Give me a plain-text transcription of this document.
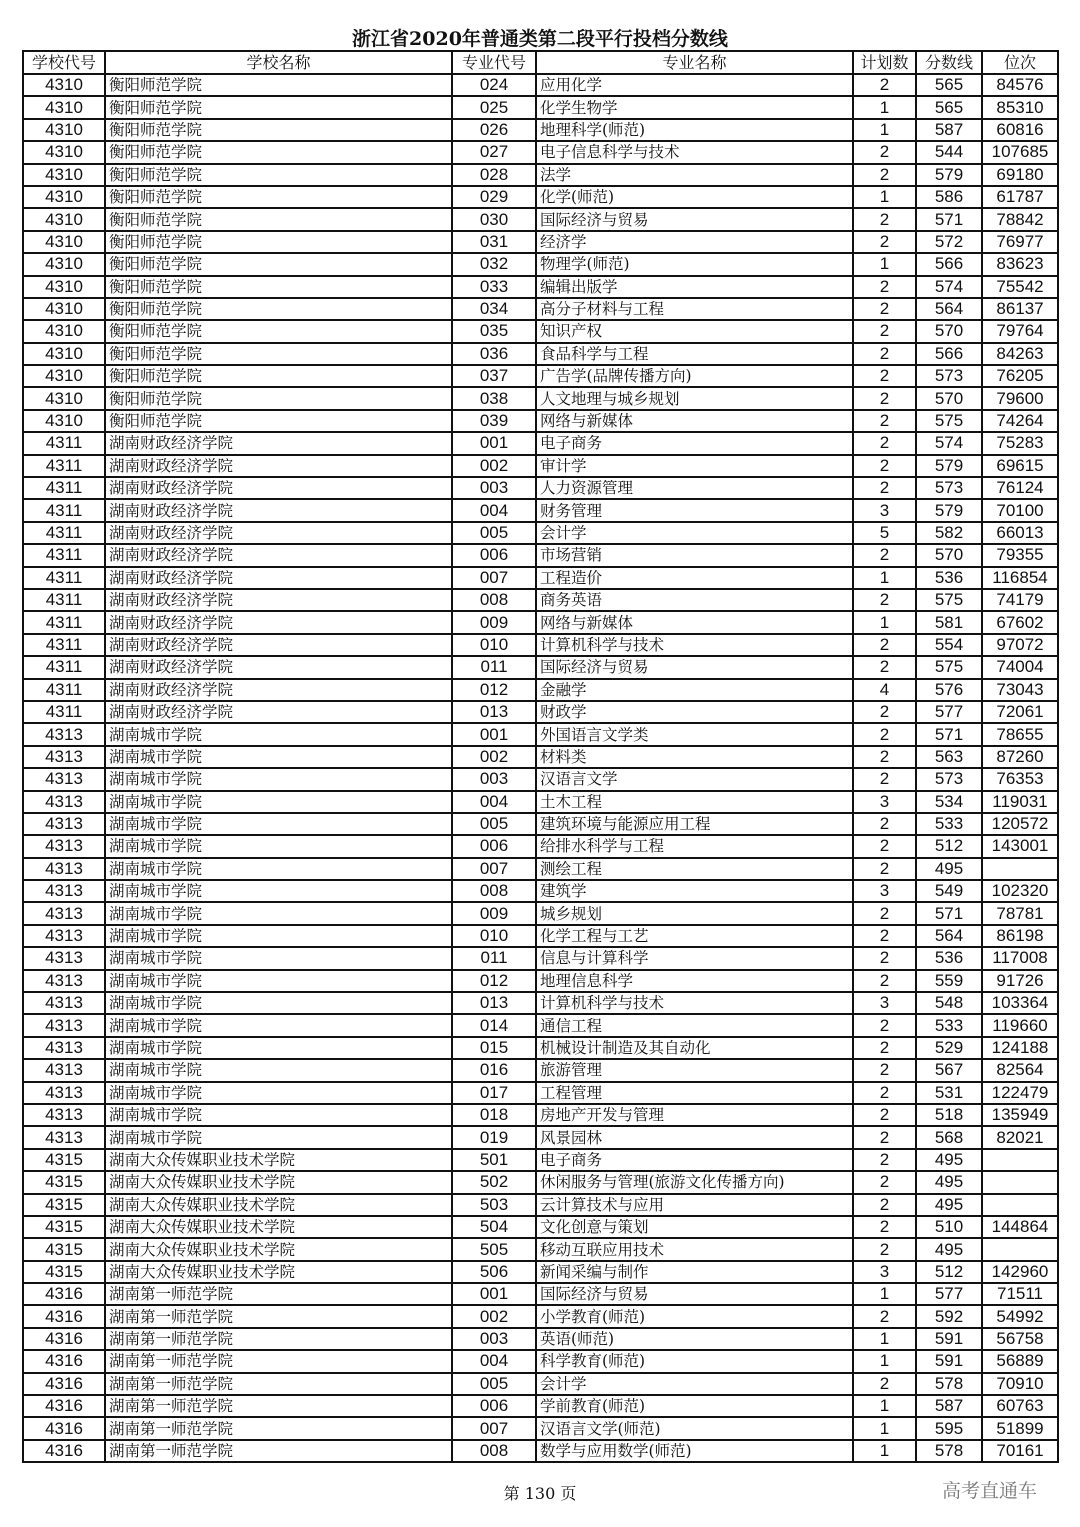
浙江省2020年普通类第二段平行投档分数线
学校代号	学校名称	专业代号	专业名称	计划数	分数线	位次
4310	衡阳师范学院	024	应用化学	2	565	84576
4310	衡阳师范学院	025	化学生物学	1	565	85310
4310	衡阳师范学院	026	地理科学(师范)	1	587	60816
4310	衡阳师范学院	027	电子信息科学与技术	2	544	107685
4310	衡阳师范学院	028	法学	2	579	69180
4310	衡阳师范学院	029	化学(师范)	1	586	61787
4310	衡阳师范学院	030	国际经济与贸易	2	571	78842
4310	衡阳师范学院	031	经济学	2	572	76977
4310	衡阳师范学院	032	物理学(师范)	1	566	83623
4310	衡阳师范学院	033	编辑出版学	2	574	75542
4310	衡阳师范学院	034	高分子材料与工程	2	564	86137
4310	衡阳师范学院	035	知识产权	2	570	79764
4310	衡阳师范学院	036	食品科学与工程	2	566	84263
4310	衡阳师范学院	037	广告学(品牌传播方向)	2	573	76205
4310	衡阳师范学院	038	人文地理与城乡规划	2	570	79600
4310	衡阳师范学院	039	网络与新媒体	2	575	74264
4311	湖南财政经济学院	001	电子商务	2	574	75283
4311	湖南财政经济学院	002	审计学	2	579	69615
4311	湖南财政经济学院	003	人力资源管理	2	573	76124
4311	湖南财政经济学院	004	财务管理	3	579	70100
4311	湖南财政经济学院	005	会计学	5	582	66013
4311	湖南财政经济学院	006	市场营销	2	570	79355
4311	湖南财政经济学院	007	工程造价	1	536	116854
4311	湖南财政经济学院	008	商务英语	2	575	74179
4311	湖南财政经济学院	009	网络与新媒体	1	581	67602
4311	湖南财政经济学院	010	计算机科学与技术	2	554	97072
4311	湖南财政经济学院	011	国际经济与贸易	2	575	74004
4311	湖南财政经济学院	012	金融学	4	576	73043
4311	湖南财政经济学院	013	财政学	2	577	72061
4313	湖南城市学院	001	外国语言文学类	2	571	78655
4313	湖南城市学院	002	材料类	2	563	87260
4313	湖南城市学院	003	汉语言文学	2	573	76353
4313	湖南城市学院	004	土木工程	3	534	119031
4313	湖南城市学院	005	建筑环境与能源应用工程	2	533	120572
4313	湖南城市学院	006	给排水科学与工程	2	512	143001
4313	湖南城市学院	007	测绘工程	2	495	
4313	湖南城市学院	008	建筑学	3	549	102320
4313	湖南城市学院	009	城乡规划	2	571	78781
4313	湖南城市学院	010	化学工程与工艺	2	564	86198
4313	湖南城市学院	011	信息与计算科学	2	536	117008
4313	湖南城市学院	012	地理信息科学	2	559	91726
4313	湖南城市学院	013	计算机科学与技术	3	548	103364
4313	湖南城市学院	014	通信工程	2	533	119660
4313	湖南城市学院	015	机械设计制造及其自动化	2	529	124188
4313	湖南城市学院	016	旅游管理	2	567	82564
4313	湖南城市学院	017	工程管理	2	531	122479
4313	湖南城市学院	018	房地产开发与管理	2	518	135949
4313	湖南城市学院	019	风景园林	2	568	82021
4315	湖南大众传媒职业技术学院	501	电子商务	2	495	
4315	湖南大众传媒职业技术学院	502	休闲服务与管理(旅游文化传播方向)	2	495	
4315	湖南大众传媒职业技术学院	503	云计算技术与应用	2	495	
4315	湖南大众传媒职业技术学院	504	文化创意与策划	2	510	144864
4315	湖南大众传媒职业技术学院	505	移动互联应用技术	2	495	
4315	湖南大众传媒职业技术学院	506	新闻采编与制作	3	512	142960
4316	湖南第一师范学院	001	国际经济与贸易	1	577	71511
4316	湖南第一师范学院	002	小学教育(师范)	2	592	54992
4316	湖南第一师范学院	003	英语(师范)	1	591	56758
4316	湖南第一师范学院	004	科学教育(师范)	1	591	56889
4316	湖南第一师范学院	005	会计学	2	578	70910
4316	湖南第一师范学院	006	学前教育(师范)	1	587	60763
4316	湖南第一师范学院	007	汉语言文学(师范)	1	595	51899
4316	湖南第一师范学院	008	数学与应用数学(师范)	1	578	70161
第 130 页	高考直通车
